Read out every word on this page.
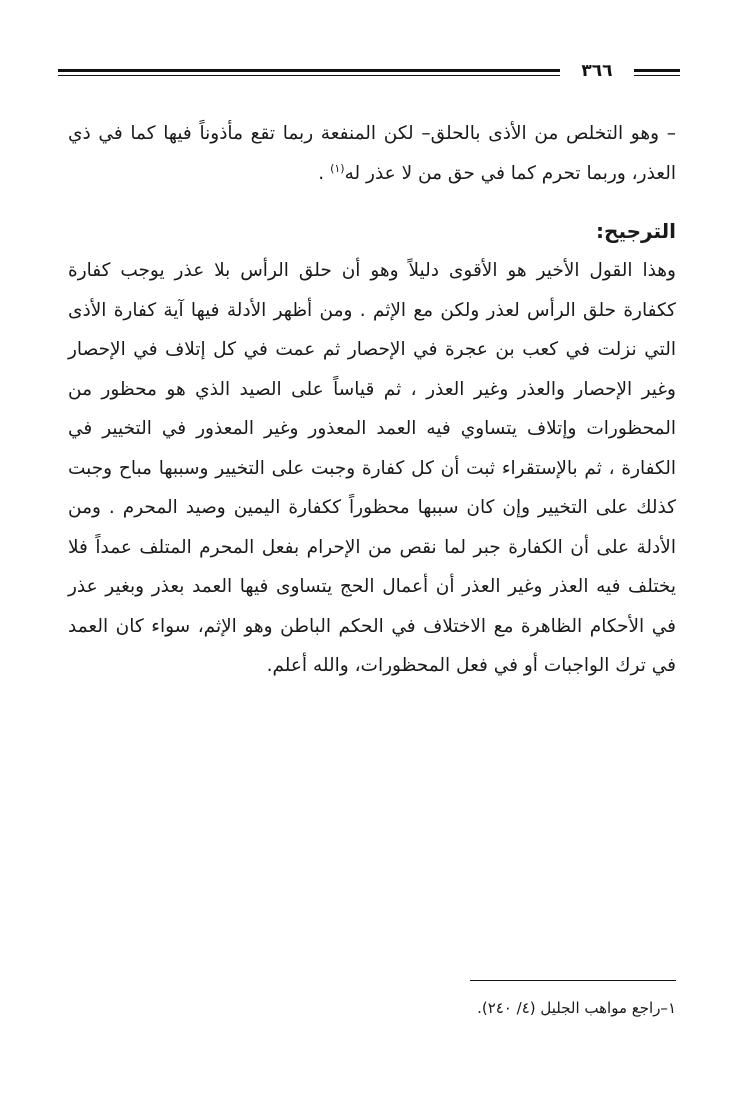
٣٦٦

– وهو التخلص من الأذى بالحلق– لكن المنفعة ربما تقع مأذوناً فيها كما في ذي العذر، وربما تحرم كما في حق من لا عذر له$^{(١)}$ .

الترجيح:

وهذا القول الأخير هو الأقوى دليلاً وهو أن حلق الرأس بلا عذر يوجب كفارة ككفارة حلق الرأس لعذر ولكن مع الإثم . ومن أظهر الأدلة فيها آية كفارة الأذى التي نزلت في كعب بن عجرة في الإحصار ثم عمت في كل إتلاف في الإحصار وغير الإحصار والعذر وغير العذر ، ثم قياساً على الصيد الذي هو محظور من المحظورات وإتلاف يتساوي فيه العمد المعذور وغير المعذور في التخيير في الكفارة ، ثم بالإستقراء ثبت أن كل كفارة وجبت على التخيير وسببها مباح وجبت كذلك على التخيير وإن كان سببها محظوراً ككفارة اليمين وصيد المحرم . ومن الأدلة على أن الكفارة جبر لما نقص من الإحرام بفعل المحرم المتلف عمداً فلا يختلف فيه العذر وغير العذر أن أعمال الحج يتساوى فيها العمد بعذر وبغير عذر في الأحكام الظاهرة مع الاختلاف في الحكم الباطن وهو الإثم، سواء كان العمد في ترك الواجبات أو في فعل المحظورات، والله أعلم.

١–راجع مواهب الجليل (٤/ ٢٤٠).
